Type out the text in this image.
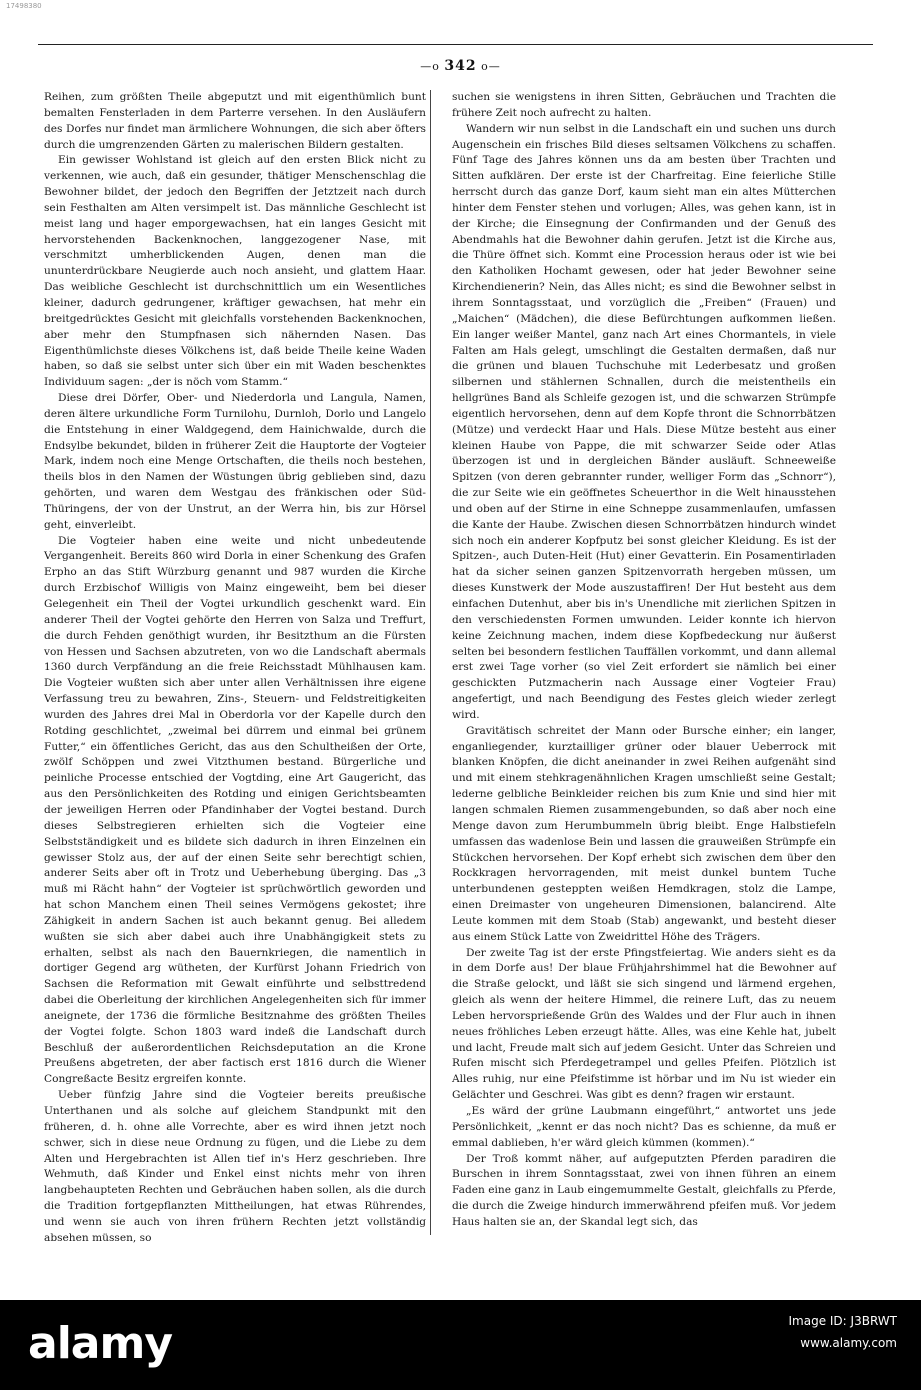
17498380
—o 342 o—

Reihen, zum größten Theile abgeputzt und mit eigenthümlich bunt bemalten Fensterladen in dem Parterre versehen. In den Ausläufern des Dorfes nur findet man ärmlichere Wohnungen, die sich aber öfters durch die umgrenzenden Gärten zu malerischen Bildern gestalten.

Ein gewisser Wohlstand ist gleich auf den ersten Blick nicht zu verkennen, wie auch, daß ein gesunder, thätiger Menschenschlag die Bewohner bildet, der jedoch den Begriffen der Jetztzeit nach durch sein Festhalten am Alten versimpelt ist. Das männliche Geschlecht ist meist lang und hager emporgewachsen, hat ein langes Gesicht mit hervorstehenden Backenknochen, langgezogener Nase, mit verschmitzt umherblickenden Augen, denen man die ununterdrückbare Neugierde auch noch ansieht, und glattem Haar. Das weibliche Geschlecht ist durchschnittlich um ein Wesentliches kleiner, dadurch gedrungener, kräftiger gewachsen, hat mehr ein breitgedrücktes Gesicht mit gleichfalls vorstehenden Backenknochen, aber mehr den Stumpfnasen sich nähernden Nasen. Das Eigenthümlichste dieses Völkchens ist, daß beide Theile keine Waden haben, so daß sie selbst unter sich über ein mit Waden beschenktes Individuum sagen: „der is nöch vom Stamm.“

Diese drei Dörfer, Ober- und Niederdorla und Langula, Namen, deren ältere urkundliche Form Turnilohu, Durnloh, Dorlo und Langelo die Entstehung in einer Waldgegend, dem Hainichwalde, durch die Endsylbe bekundet, bilden in früherer Zeit die Hauptorte der Vogteier Mark, indem noch eine Menge Ortschaften, die theils noch bestehen, theils blos in den Namen der Wüstungen übrig geblieben sind, dazu gehörten, und waren dem Westgau des fränkischen oder Süd-Thüringens, der von der Unstrut, an der Werra hin, bis zur Hörsel geht, einverleibt.

Die Vogteier haben eine weite und nicht unbedeutende Vergangenheit. Bereits 860 wird Dorla in einer Schenkung des Grafen Erpho an das Stift Würzburg genannt und 987 wurden die Kirche durch Erzbischof Willigis von Mainz eingeweiht, bem bei dieser Gelegenheit ein Theil der Vogtei urkundlich geschenkt ward. Ein anderer Theil der Vogtei gehörte den Herren von Salza und Treffurt, die durch Fehden genöthigt wurden, ihr Besitzthum an die Fürsten von Hessen und Sachsen abzutreten, von wo die Landschaft abermals 1360 durch Verpfändung an die freie Reichsstadt Mühlhausen kam. Die Vogteier wußten sich aber unter allen Verhältnissen ihre eigene Verfassung treu zu bewahren, Zins-, Steuern- und Feldstreitigkeiten wurden des Jahres drei Mal in Oberdorla vor der Kapelle durch den Rotding geschlichtet, „zweimal bei dürrem und einmal bei grünem Futter,“ ein öffentliches Gericht, das aus den Schultheißen der Orte, zwölf Schöppen und zwei Vitzthumen bestand. Bürgerliche und peinliche Processe entschied der Vogtding, eine Art Gaugericht, das aus den Persönlichkeiten des Rotding und einigen Gerichtsbeamten der jeweiligen Herren oder Pfandinhaber der Vogtei bestand. Durch dieses Selbstregieren erhielten sich die Vogteier eine Selbstständigkeit und es bildete sich dadurch in ihren Einzelnen ein gewisser Stolz aus, der auf der einen Seite sehr berechtigt schien, anderer Seits aber oft in Trotz und Ueberhebung überging. Das „3 muß mi Rächt hahn“ der Vogteier ist sprüchwörtlich geworden und hat schon Manchem einen Theil seines Vermögens gekostet; ihre Zähigkeit in andern Sachen ist auch bekannt genug. Bei alledem wußten sie sich aber dabei auch ihre Unabhängigkeit stets zu erhalten, selbst als nach den Bauernkriegen, die namentlich in dortiger Gegend arg wütheten, der Kurfürst Johann Friedrich von Sachsen die Reformation mit Gewalt einführte und selbsttredend dabei die Oberleitung der kirchlichen Angelegenheiten sich für immer aneignete, der 1736 die förmliche Besitznahme des größten Theiles der Vogtei folgte. Schon 1803 ward indeß die Landschaft durch Beschluß der außerordentlichen Reichsdeputation an die Krone Preußens abgetreten, der aber factisch erst 1816 durch die Wiener Congreßacte Besitz ergreifen konnte.

Ueber fünfzig Jahre sind die Vogteier bereits preußische Unterthanen und als solche auf gleichem Standpunkt mit den früheren, d. h. ohne alle Vorrechte, aber es wird ihnen jetzt noch schwer, sich in diese neue Ordnung zu fügen, und die Liebe zu dem Alten und Hergebrachten ist Allen tief in's Herz geschrieben. Ihre Wehmuth, daß Kinder und Enkel einst nichts mehr von ihren langbehaupteten Rechten und Gebräuchen haben sollen, als die durch die Tradition fortgepflanzten Mittheilungen, hat etwas Rührendes, und wenn sie auch von ihren frühern Rechten jetzt vollständig absehen müssen, so

suchen sie wenigstens in ihren Sitten, Gebräuchen und Trachten die frühere Zeit noch aufrecht zu halten.

Wandern wir nun selbst in die Landschaft ein und suchen uns durch Augenschein ein frisches Bild dieses seltsamen Völkchens zu schaffen. Fünf Tage des Jahres können uns da am besten über Trachten und Sitten aufklären. Der erste ist der Charfreitag. Eine feierliche Stille herrscht durch das ganze Dorf, kaum sieht man ein altes Mütterchen hinter dem Fenster stehen und vorlugen; Alles, was gehen kann, ist in der Kirche; die Einsegnung der Confirmanden und der Genuß des Abendmahls hat die Bewohner dahin gerufen. Jetzt ist die Kirche aus, die Thüre öffnet sich. Kommt eine Procession heraus oder ist wie bei den Katholiken Hochamt gewesen, oder hat jeder Bewohner seine Kirchendienerin? Nein, das Alles nicht; es sind die Bewohner selbst in ihrem Sonntagsstaat, und vorzüglich die „Freiben“ (Frauen) und „Maichen“ (Mädchen), die diese Befürchtungen aufkommen ließen. Ein langer weißer Mantel, ganz nach Art eines Chormantels, in viele Falten am Hals gelegt, umschlingt die Gestalten dermaßen, daß nur die grünen und blauen Tuchschuhe mit Lederbesatz und großen silbernen und stählernen Schnallen, durch die meistentheils ein hellgrünes Band als Schleife gezogen ist, und die schwarzen Strümpfe eigentlich hervorsehen, denn auf dem Kopfe thront die Schnorrbätzen (Mütze) und verdeckt Haar und Hals. Diese Mütze besteht aus einer kleinen Haube von Pappe, die mit schwarzer Seide oder Atlas überzogen ist und in dergleichen Bänder ausläuft. Schneeweiße Spitzen (von deren gebrannter runder, welliger Form das „Schnorr“), die zur Seite wie ein geöffnetes Scheuerthor in die Welt hinausstehen und oben auf der Stirne in eine Schneppe zusammenlaufen, umfassen die Kante der Haube. Zwischen diesen Schnorrbätzen hindurch windet sich noch ein anderer Kopfputz bei sonst gleicher Kleidung. Es ist der Spitzen-, auch Duten-Heit (Hut) einer Gevatterin. Ein Posamentirladen hat da sicher seinen ganzen Spitzenvorrath hergeben müssen, um dieses Kunstwerk der Mode auszustaffiren! Der Hut besteht aus dem einfachen Dutenhut, aber bis in's Unendliche mit zierlichen Spitzen in den verschiedensten Formen umwunden. Leider konnte ich hiervon keine Zeichnung machen, indem diese Kopfbedeckung nur äußerst selten bei besondern festlichen Tauffällen vorkommt, und dann allemal erst zwei Tage vorher (so viel Zeit erfordert sie nämlich bei einer geschickten Putzmacherin nach Aussage einer Vogteier Frau) angefertigt, und nach Beendigung des Festes gleich wieder zerlegt wird.

Gravitätisch schreitet der Mann oder Bursche einher; ein langer, enganliegender, kurztailliger grüner oder blauer Ueberrock mit blanken Knöpfen, die dicht aneinander in zwei Reihen aufgenäht sind und mit einem stehkragenähnlichen Kragen umschließt seine Gestalt; lederne gelbliche Beinkleider reichen bis zum Knie und sind hier mit langen schmalen Riemen zusammengebunden, so daß aber noch eine Menge davon zum Herumbummeln übrig bleibt. Enge Halbstiefeln umfassen das wadenlose Bein und lassen die grauweißen Strümpfe ein Stückchen hervorsehen. Der Kopf erhebt sich zwischen dem über den Rockkragen hervorragenden, mit meist dunkel buntem Tuche unterbundenen gesteppten weißen Hemdkragen, stolz die Lampe, einen Dreimaster von ungeheuren Dimensionen, balancirend. Alte Leute kommen mit dem Stoab (Stab) angewankt, und besteht dieser aus einem Stück Latte von Zweidrittel Höhe des Trägers.

Der zweite Tag ist der erste Pfingstfeiertag. Wie anders sieht es da in dem Dorfe aus! Der blaue Frühjahrshimmel hat die Bewohner auf die Straße gelockt, und läßt sie sich singend und lärmend ergehen, gleich als wenn der heitere Himmel, die reinere Luft, das zu neuem Leben hervorsprießende Grün des Waldes und der Flur auch in ihnen neues fröhliches Leben erzeugt hätte. Alles, was eine Kehle hat, jubelt und lacht, Freude malt sich auf jedem Gesicht. Unter das Schreien und Rufen mischt sich Pferdegetrampel und gelles Pfeifen. Plötzlich ist Alles ruhig, nur eine Pfeifstimme ist hörbar und im Nu ist wieder ein Gelächter und Geschrei. Was gibt es denn? fragen wir erstaunt.

„Es wärd der grüne Laubmann eingeführt,“ antwortet uns jede Persönlichkeit, „kennt er das noch nicht? Das es schienne, da muß er emmal dablieben, h'er wärd gleich kümmen (kommen).“

Der Troß kommt näher, auf aufgeputzten Pferden paradiren die Burschen in ihrem Sonntagsstaat, zwei von ihnen führen an einem Faden eine ganz in Laub eingemummelte Gestalt, gleichfalls zu Pferde, die durch die Zweige hindurch immerwährend pfeifen muß. Vor jedem Haus halten sie an, der Skandal legt sich, das

alamy	Image ID: J3BRWT
www.alamy.com
